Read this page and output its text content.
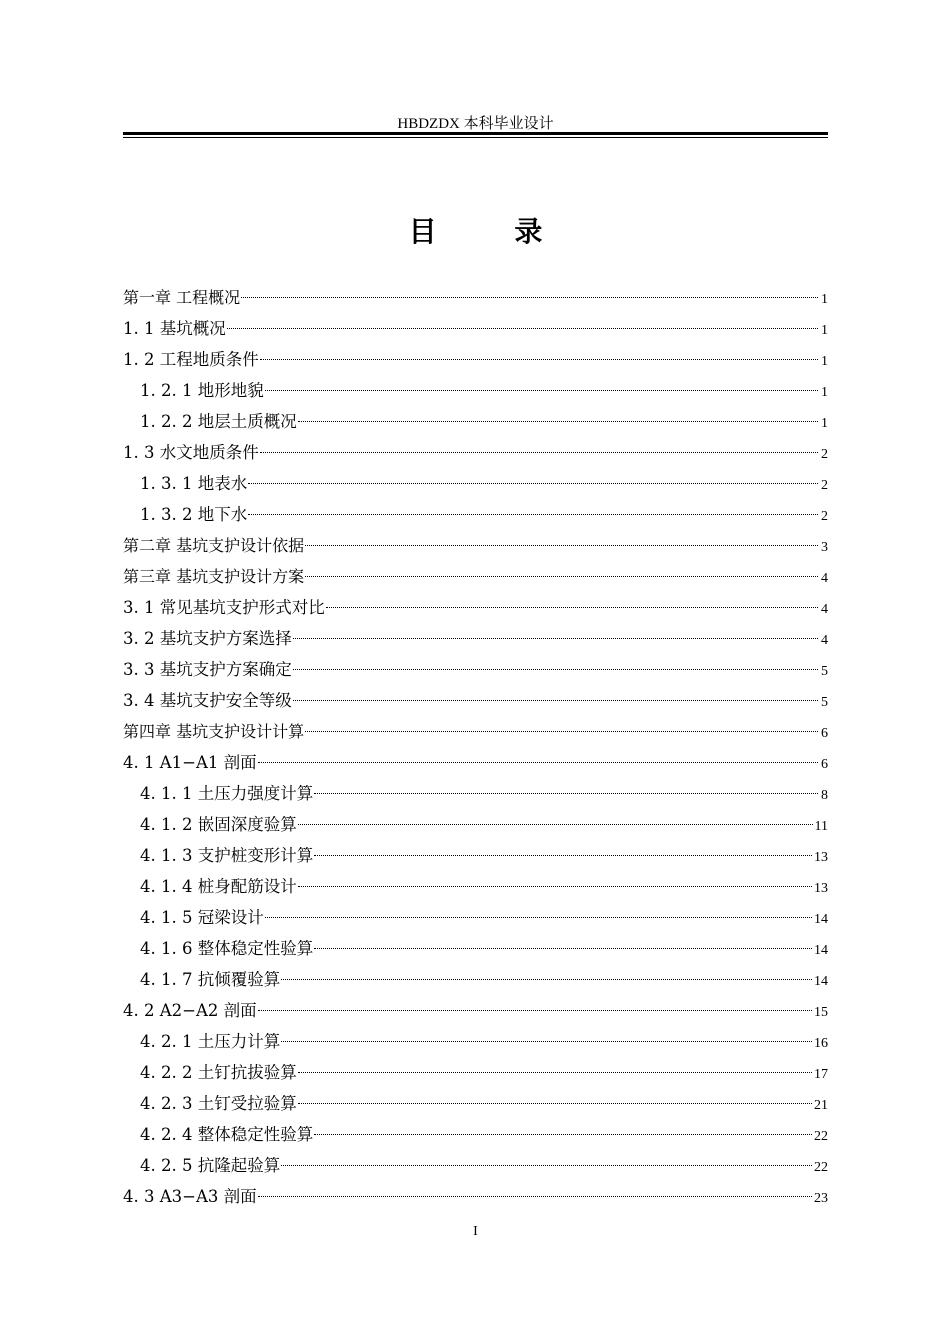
HBDZDX 本科毕业设计
目 录
第一章 工程概况	1
1. 1 基坑概况	1
1. 2 工程地质条件	1
1. 2. 1 地形地貌	1
1. 2. 2 地层土质概况	1
1. 3 水文地质条件	2
1. 3. 1 地表水	2
1. 3. 2 地下水	2
第二章 基坑支护设计依据	3
第三章 基坑支护设计方案	4
3. 1 常见基坑支护形式对比	4
3. 2 基坑支护方案选择	4
3. 3 基坑支护方案确定	5
3. 4 基坑支护安全等级	5
第四章 基坑支护设计计算	6
4. 1 A1−A1 剖面	6
4. 1. 1 土压力强度计算	8
4. 1. 2 嵌固深度验算	11
4. 1. 3 支护桩变形计算	13
4. 1. 4 桩身配筋设计	13
4. 1. 5 冠梁设计	14
4. 1. 6 整体稳定性验算	14
4. 1. 7 抗倾覆验算	14
4. 2 A2−A2 剖面	15
4. 2. 1 土压力计算	16
4. 2. 2 土钉抗拔验算	17
4. 2. 3 土钉受拉验算	21
4. 2. 4 整体稳定性验算	22
4. 2. 5 抗隆起验算	22
4. 3 A3−A3 剖面	23
I
